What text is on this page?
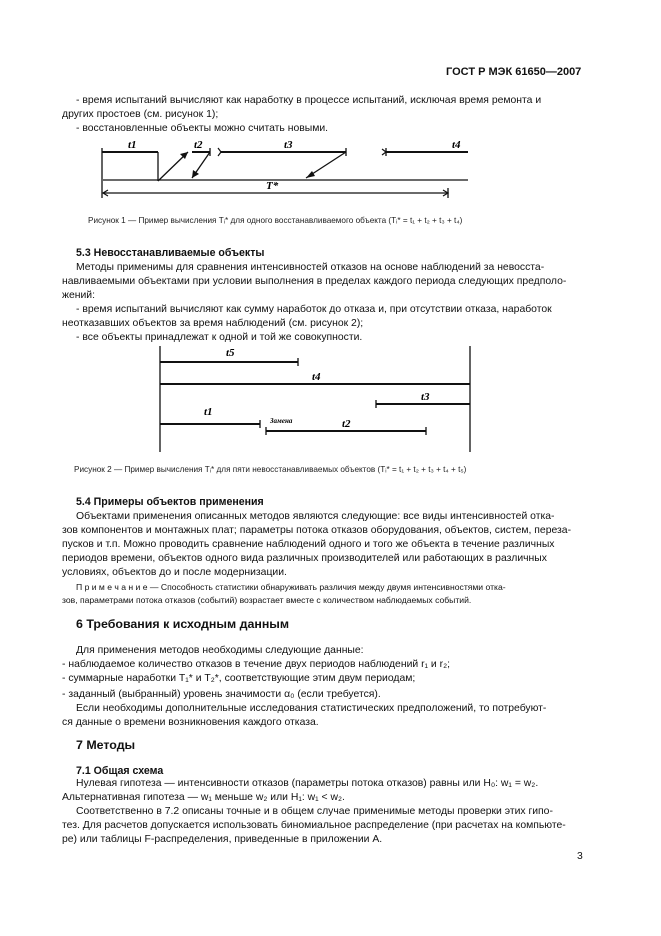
ГОСТ Р МЭК 61650—2007
- время испытаний вычисляют как наработку в процессе испытаний, исключая время ремонта и
других простоев (см. рисунок 1);
- восстановленные объекты можно считать новыми.
t1	t2	t3	t4
T*
Рисунок 1 — Пример вычисления Tᵢ* для одного восстанавливаемого объекта (Tᵢ* = t₁ + t₂ + t₃ + t₄)
5.3 Невосстанавливаемые объекты
Методы применимы для сравнения интенсивностей отказов на основе наблюдений за невосста-
навливаемыми объектами при условии выполнения в пределах каждого периода следующих предполо-
жений:
- время испытаний вычисляют как сумму наработок до отказа и, при отсутствии отказа, наработок
неотказавших объектов за время наблюдений (см. рисунок 2);
- все объекты принадлежат к одной и той же совокупности.
t5
t4
t3
t1
t2
Замена
Рисунок 2 — Пример вычисления Tᵢ* для пяти невосстанавливаемых объектов (Tᵢ* = t₁ + t₂ + t₃ + t₄ + t₅)
5.4 Примеры объектов применения
Объектами применения описанных методов являются следующие: все виды интенсивностей отка-
зов компонентов и монтажных плат; параметры потока отказов оборудования, объектов, систем, переза-
пусков и т.п. Можно проводить сравнение наблюдений одного и того же объекта в течение различных
периодов времени, объектов одного вида различных производителей или работающих в различных
условиях, объектов до и после модернизации.
П р и м е ч а н и е — Способность статистики обнаруживать различия между двумя интенсивностями отка-
зов, параметрами потока отказов (событий) возрастает вместе с количеством наблюдаемых событий.
6 Требования к исходным данным
Для применения методов необходимы следующие данные:
- наблюдаемое количество отказов в течение двух периодов наблюдений r₁ и r₂;
- суммарные наработки T₁* и T₂*, соответствующие этим двум периодам;
- заданный (выбранный) уровень значимости α₀ (если требуется).
Если необходимы дополнительные исследования статистических предположений, то потребуют-
ся данные о времени возникновения каждого отказа.
7 Методы
7.1 Общая схема
Нулевая гипотеза — интенсивности отказов (параметры потока отказов) равны или H₀: w₁ = w₂.
Альтернативная гипотеза — w₁ меньше w₂ или H₁: w₁ < w₂.
Соответственно в 7.2 описаны точные и в общем случае применимые методы проверки этих гипо-
тез. Для расчетов допускается использовать биномиальное распределение (при расчетах на компьюте-
ре) или таблицы F-распределения, приведенные в приложении А.
3
